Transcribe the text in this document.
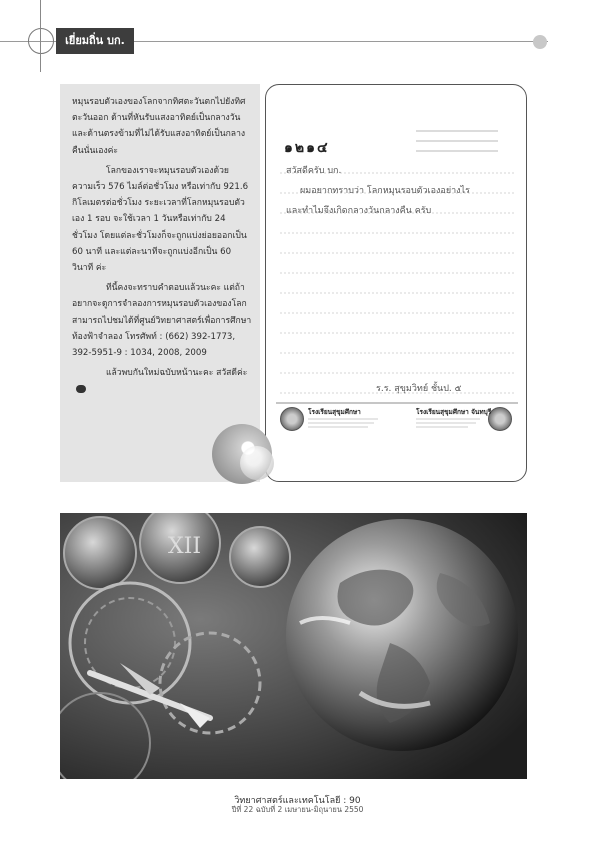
เยี่ยมถิ่น บก.

หมุนรอบตัวเองของโลกจากทิศตะวันตกไปยังทิศตะวันออก ด้านที่หันรับแสงอาทิตย์เป็นกลางวัน และด้านตรงข้ามที่ไม่ได้รับแสงอาทิตย์เป็นกลางคืนนั่นเองค่ะ

โลกของเราจะหมุนรอบตัวเองด้วยความเร็ว 576 ไมล์ต่อชั่วโมง หรือเท่ากับ 921.6 กิโลเมตรต่อชั่วโมง ระยะเวลาที่โลกหมุนรอบตัวเอง 1 รอบ จะใช้เวลา 1 วันหรือเท่ากับ 24 ชั่วโมง โดยแต่ละชั่วโมงก็จะถูกแบ่งย่อยออกเป็น 60 นาที และแต่ละนาทีจะถูกแบ่งอีกเป็น 60 วินาที ค่ะ

ทีนี้คงจะทราบคำตอบแล้วนะคะ แต่ถ้าอยากจะดูการจำลองการหมุนรอบตัวเองของโลก สามารถไปชมได้ที่ศูนย์วิทยาศาสตร์เพื่อการศึกษาท้องฟ้าจำลอง โทรศัพท์ : (662) 392-1773, 392-5951-9 : 1034, 2008, 2009

แล้วพบกันใหม่ฉบับหน้านะคะ สวัสดีค่ะ

๑๒๑๔
สวัสดีครับ บก.
ผมอยากทราบว่า โลกหมุนรอบตัวเองอย่างไร
และทำไมจึงเกิดกลางวันกลางคืน ครับ
ร.ร. สุขุมวิทย์ ชั้นป. ๕
โรงเรียนสุขุมศึกษา	โรงเรียนสุขุมศึกษา จันทบุรี
XII
วิทยาศาสตร์และเทคโนโลยี : 90
ปีที่ 22 ฉบับที่ 2 เมษายน-มิถุนายน 2550
